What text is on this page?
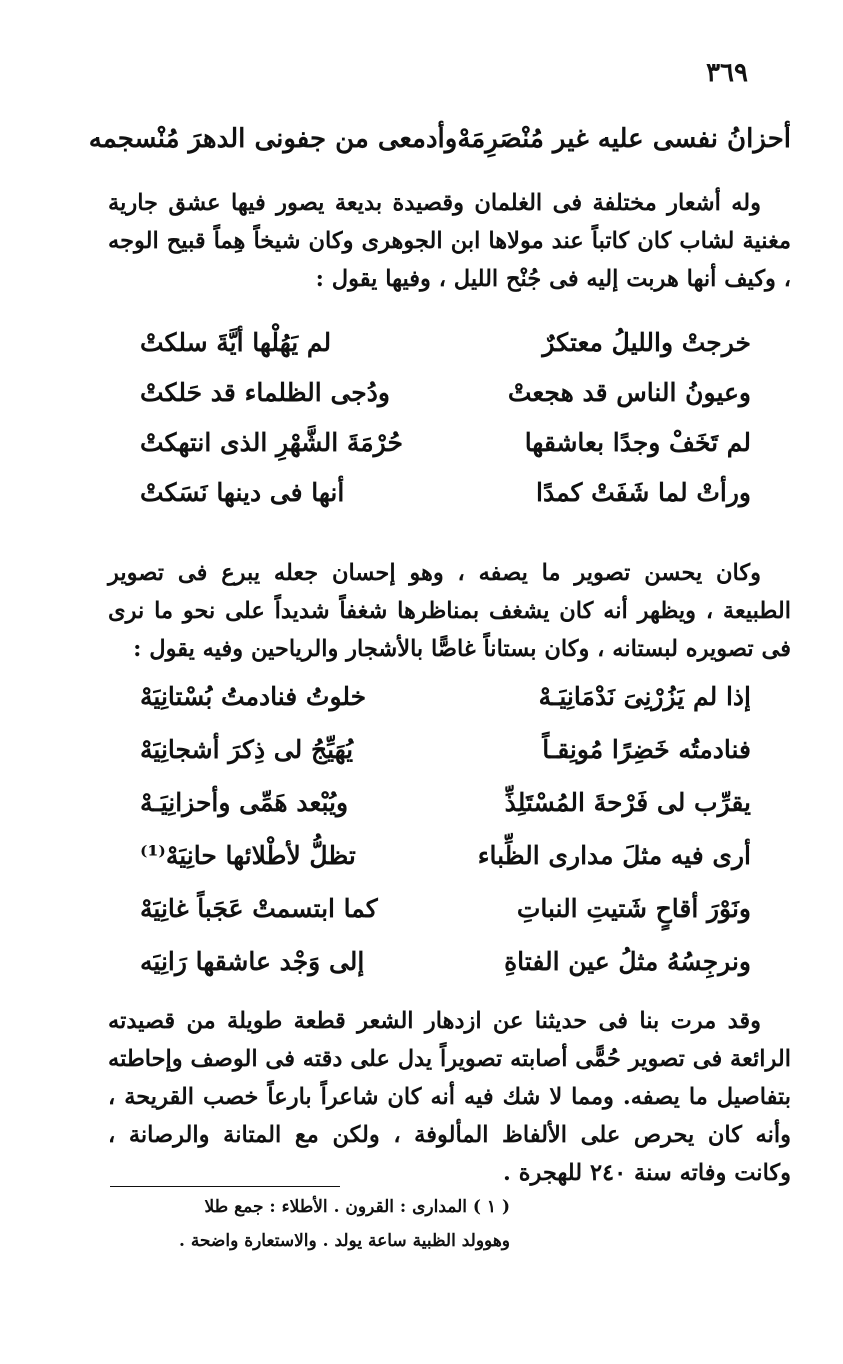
٣٦٩
أحزانُ نفسى عليه غير مُنْصَرِمَهْ
وأدمعى من جفونى الدهرَ مُنْسجمه

وله أشعار مختلفة فى الغلمان وقصيدة بديعة يصور فيها عشق جارية مغنية لشاب كان كاتباً عند مولاها ابن الجوهرى وكان شيخاً هِماً قبيح الوجه ، وكيف أنها هربت إليه فى جُنْح الليل ، وفيها يقول :

خرجتْ والليلُ معتكرٌ
لم يَهُلْها أيَّةَ سلكتْ
وعيونُ الناس قد هجعتْ
ودُجى الظلماء قد حَلكتْ
لم تَخَفْ وجدًا بعاشقها
حُرْمَةَ الشَّهْرِ الذى انتهكتْ
ورأتْ لما شَفَتْ كمدًا
أنها فى دينها نَسَكتْ

وكان يحسن تصوير ما يصفه ، وهو إحسان جعله يبرع فى تصوير الطبيعة ، ويظهر أنه كان يشغف بمناظرها شغفاً شديداً على نحو ما نرى فى تصويره لبستانه ، وكان بستاناً غاصًّا بالأشجار والرياحين وفيه يقول :

إذا لم يَزُرْنِىَ نَدْمَانِيَـهْ
خلوتُ فنادمتُ بُسْتانِيَهْ
فنادمتُه خَضِرًا مُونِقـاً
يُهَيِّجُ لى ذِكرَ أشجانِيَهْ
يقرِّب لى فَرْحةَ المُسْتَلِذِّ
ويُبْعد هَمِّى وأحزانِيَـهْ
أرى فيه مثلَ مدارى الظِّباء
تظلُّ لأطْلائها حانِيَهْ⁽¹⁾
ونَوْرَ أقاحٍ شَتيتِ النباتِ
كما ابتسمتْ عَجَباً غانِيَهْ
ونرجِسُهُ مثلُ عين الفتاةِ
إلى وَجْد عاشقها رَانِيَه

وقد مرت بنا فى حديثنا عن ازدهار الشعر قطعة طويلة من قصيدته الرائعة فى تصوير حُمًّى أصابته تصويراً يدل على دقته فى الوصف وإحاطته بتفاصيل ما يصفه. ومما لا شك فيه أنه كان شاعراً بارعاً خصب القريحة ، وأنه كان يحرص على الألفاظ المألوفة ، ولكن مع المتانة والرصانة ، وكانت وفاته سنة ٢٤٠ للهجرة .

( ١ ) المدارى : القرون . الأطلاء : جمع طلا
وهوولد الظبية ساعة يولد . والاستعارة واضحة .
